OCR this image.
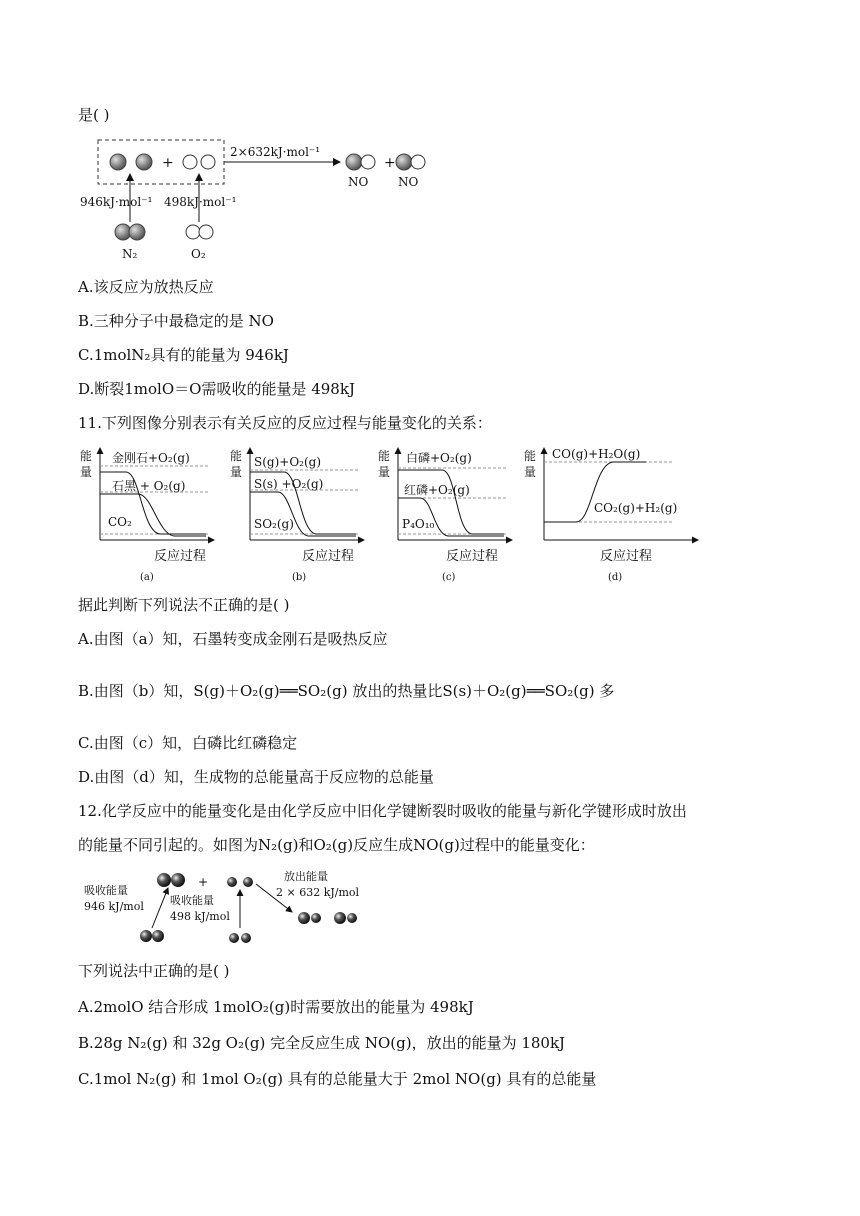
是( )
+
2×632kJ·mol⁻¹
+
NO NO
946kJ·mol⁻¹ 498kJ·mol⁻¹
N₂	O₂
A.该反应为放热反应
B.三种分子中最稳定的是 NO
C.1molN₂具有的能量为 946kJ
D.断裂1molO＝O需吸收的能量是 498kJ
11.下列图像分别表示有关反应的反应过程与能量变化的关系：
能
量
金刚石+O₂(g)
石黑 + O₂(g)
CO₂
反应过程
(a)
能
量
S(g)+O₂(g)
S(s) +O₂(g)
SO₂(g)
反应过程
(b)
能
量
白磷+O₂(g)
红磷+O₂(g)
P₄O₁₀
反应过程
(c)
能
量
CO(g)+H₂O(g)
CO₂(g)+H₂(g)
反应过程
(d)
据此判断下列说法不正确的是( )
A.由图（a）知，石墨转变成金刚石是吸热反应
B.由图（b）知，S(g)＋O₂(g)══SO₂(g) 放出的热量比S(s)＋O₂(g)══SO₂(g) 多
C.由图（c）知，白磷比红磷稳定
D.由图（d）知，生成物的总能量高于反应物的总能量
12.化学反应中的能量变化是由化学反应中旧化学键断裂时吸收的能量与新化学键形成时放出
的能量不同引起的。如图为N₂(g)和O₂(g)反应生成NO(g)过程中的能量变化：
吸收能量
946 kJ/mol
+
吸收能量
498 kJ/mol
放出能量
2 × 632 kJ/mol
下列说法中正确的是( )
A.2molO 结合形成 1molO₂(g)时需要放出的能量为 498kJ
B.28g N₂(g) 和 32g O₂(g) 完全反应生成 NO(g)，放出的能量为 180kJ
C.1mol N₂(g) 和 1mol O₂(g) 具有的总能量大于 2mol NO(g) 具有的总能量
